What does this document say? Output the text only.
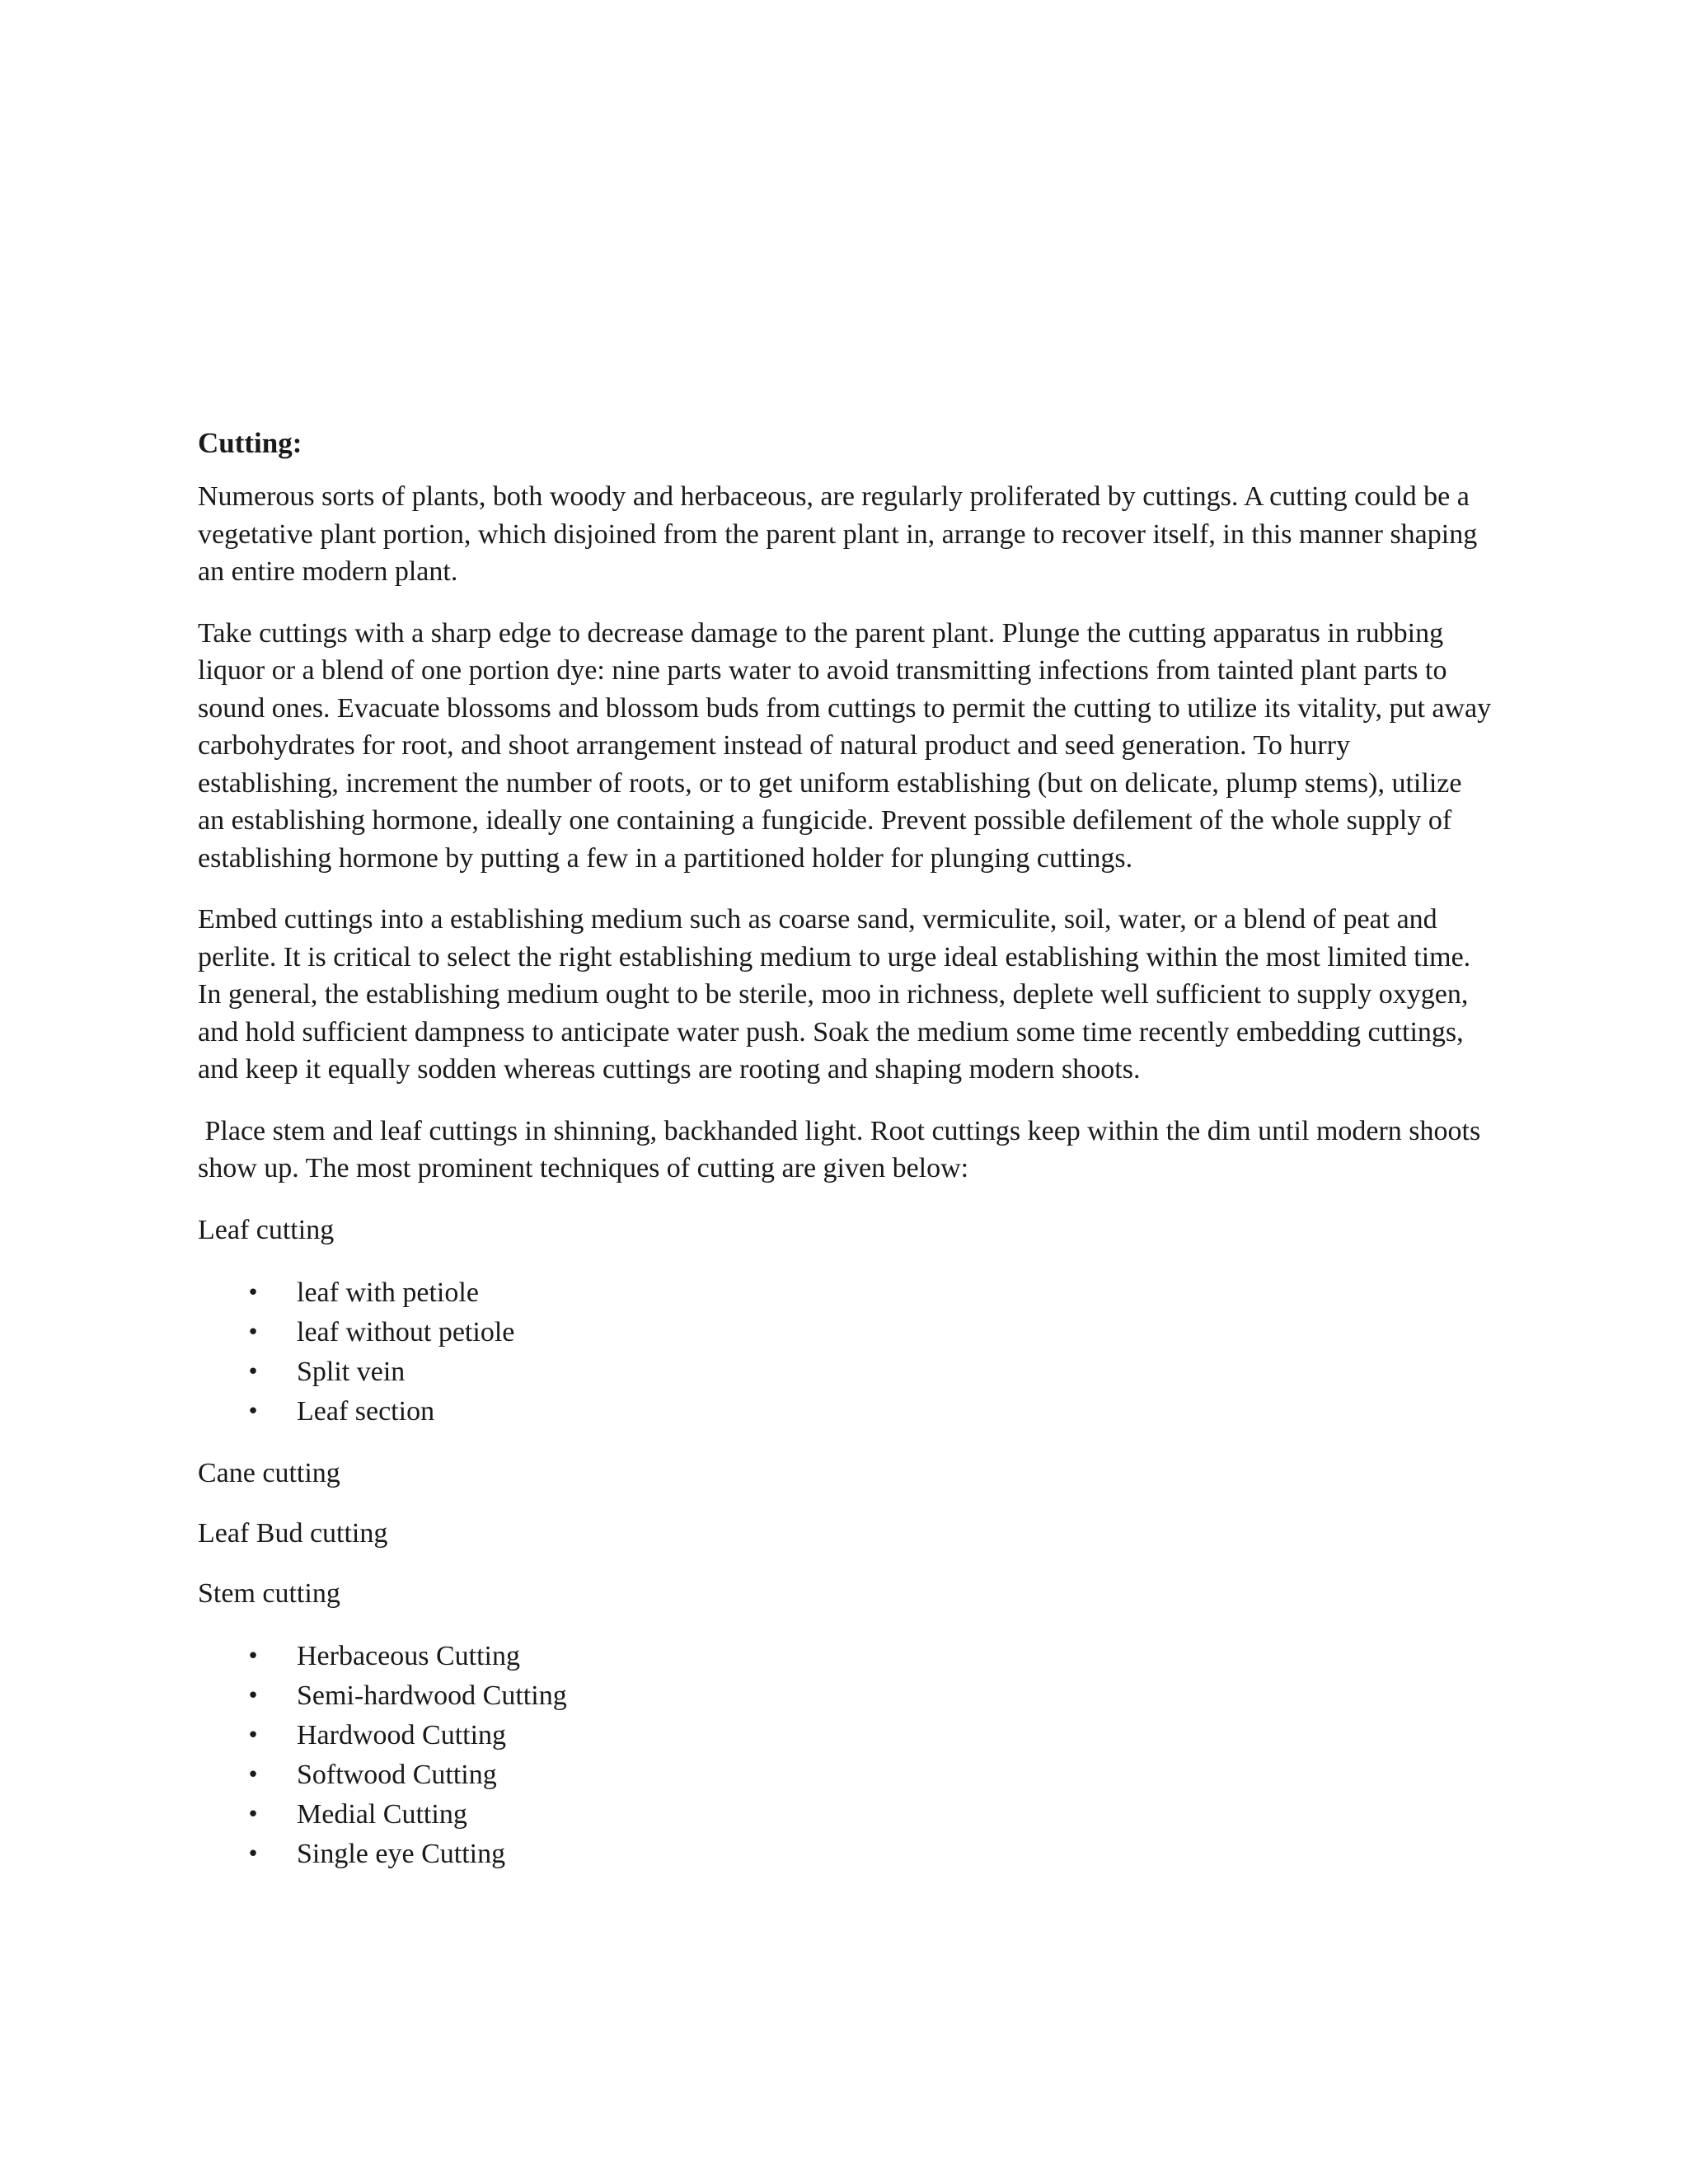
Cutting:

Numerous sorts of plants, both woody and herbaceous, are regularly proliferated by cuttings. A cutting could be a vegetative plant portion, which disjoined from the parent plant in, arrange to recover itself, in this manner shaping an entire modern plant.

Take cuttings with a sharp edge to decrease damage to the parent plant. Plunge the cutting apparatus in rubbing liquor or a blend of one portion dye: nine parts water to avoid transmitting infections from tainted plant parts to sound ones. Evacuate blossoms and blossom buds from cuttings to permit the cutting to utilize its vitality, put away carbohydrates for root, and shoot arrangement instead of natural product and seed generation. To hurry establishing, increment the number of roots, or to get uniform establishing (but on delicate, plump stems), utilize an establishing hormone, ideally one containing a fungicide. Prevent possible defilement of the whole supply of establishing hormone by putting a few in a partitioned holder for plunging cuttings.

Embed cuttings into a establishing medium such as coarse sand, vermiculite, soil, water, or a blend of peat and perlite. It is critical to select the right establishing medium to urge ideal establishing within the most limited time. In general, the establishing medium ought to be sterile, moo in richness, deplete well sufficient to supply oxygen, and hold sufficient dampness to anticipate water push. Soak the medium some time recently embedding cuttings, and keep it equally sodden whereas cuttings are rooting and shaping modern shoots.

Place stem and leaf cuttings in shinning, backhanded light. Root cuttings keep within the dim until modern shoots show up. The most prominent techniques of cutting are given below:

Leaf cutting
• leaf with petiole
• leaf without petiole
• Split vein
• Leaf section
Cane cutting
Leaf Bud cutting
Stem cutting
• Herbaceous Cutting
• Semi-hardwood Cutting
• Hardwood Cutting
• Softwood Cutting
• Medial Cutting
• Single eye Cutting
